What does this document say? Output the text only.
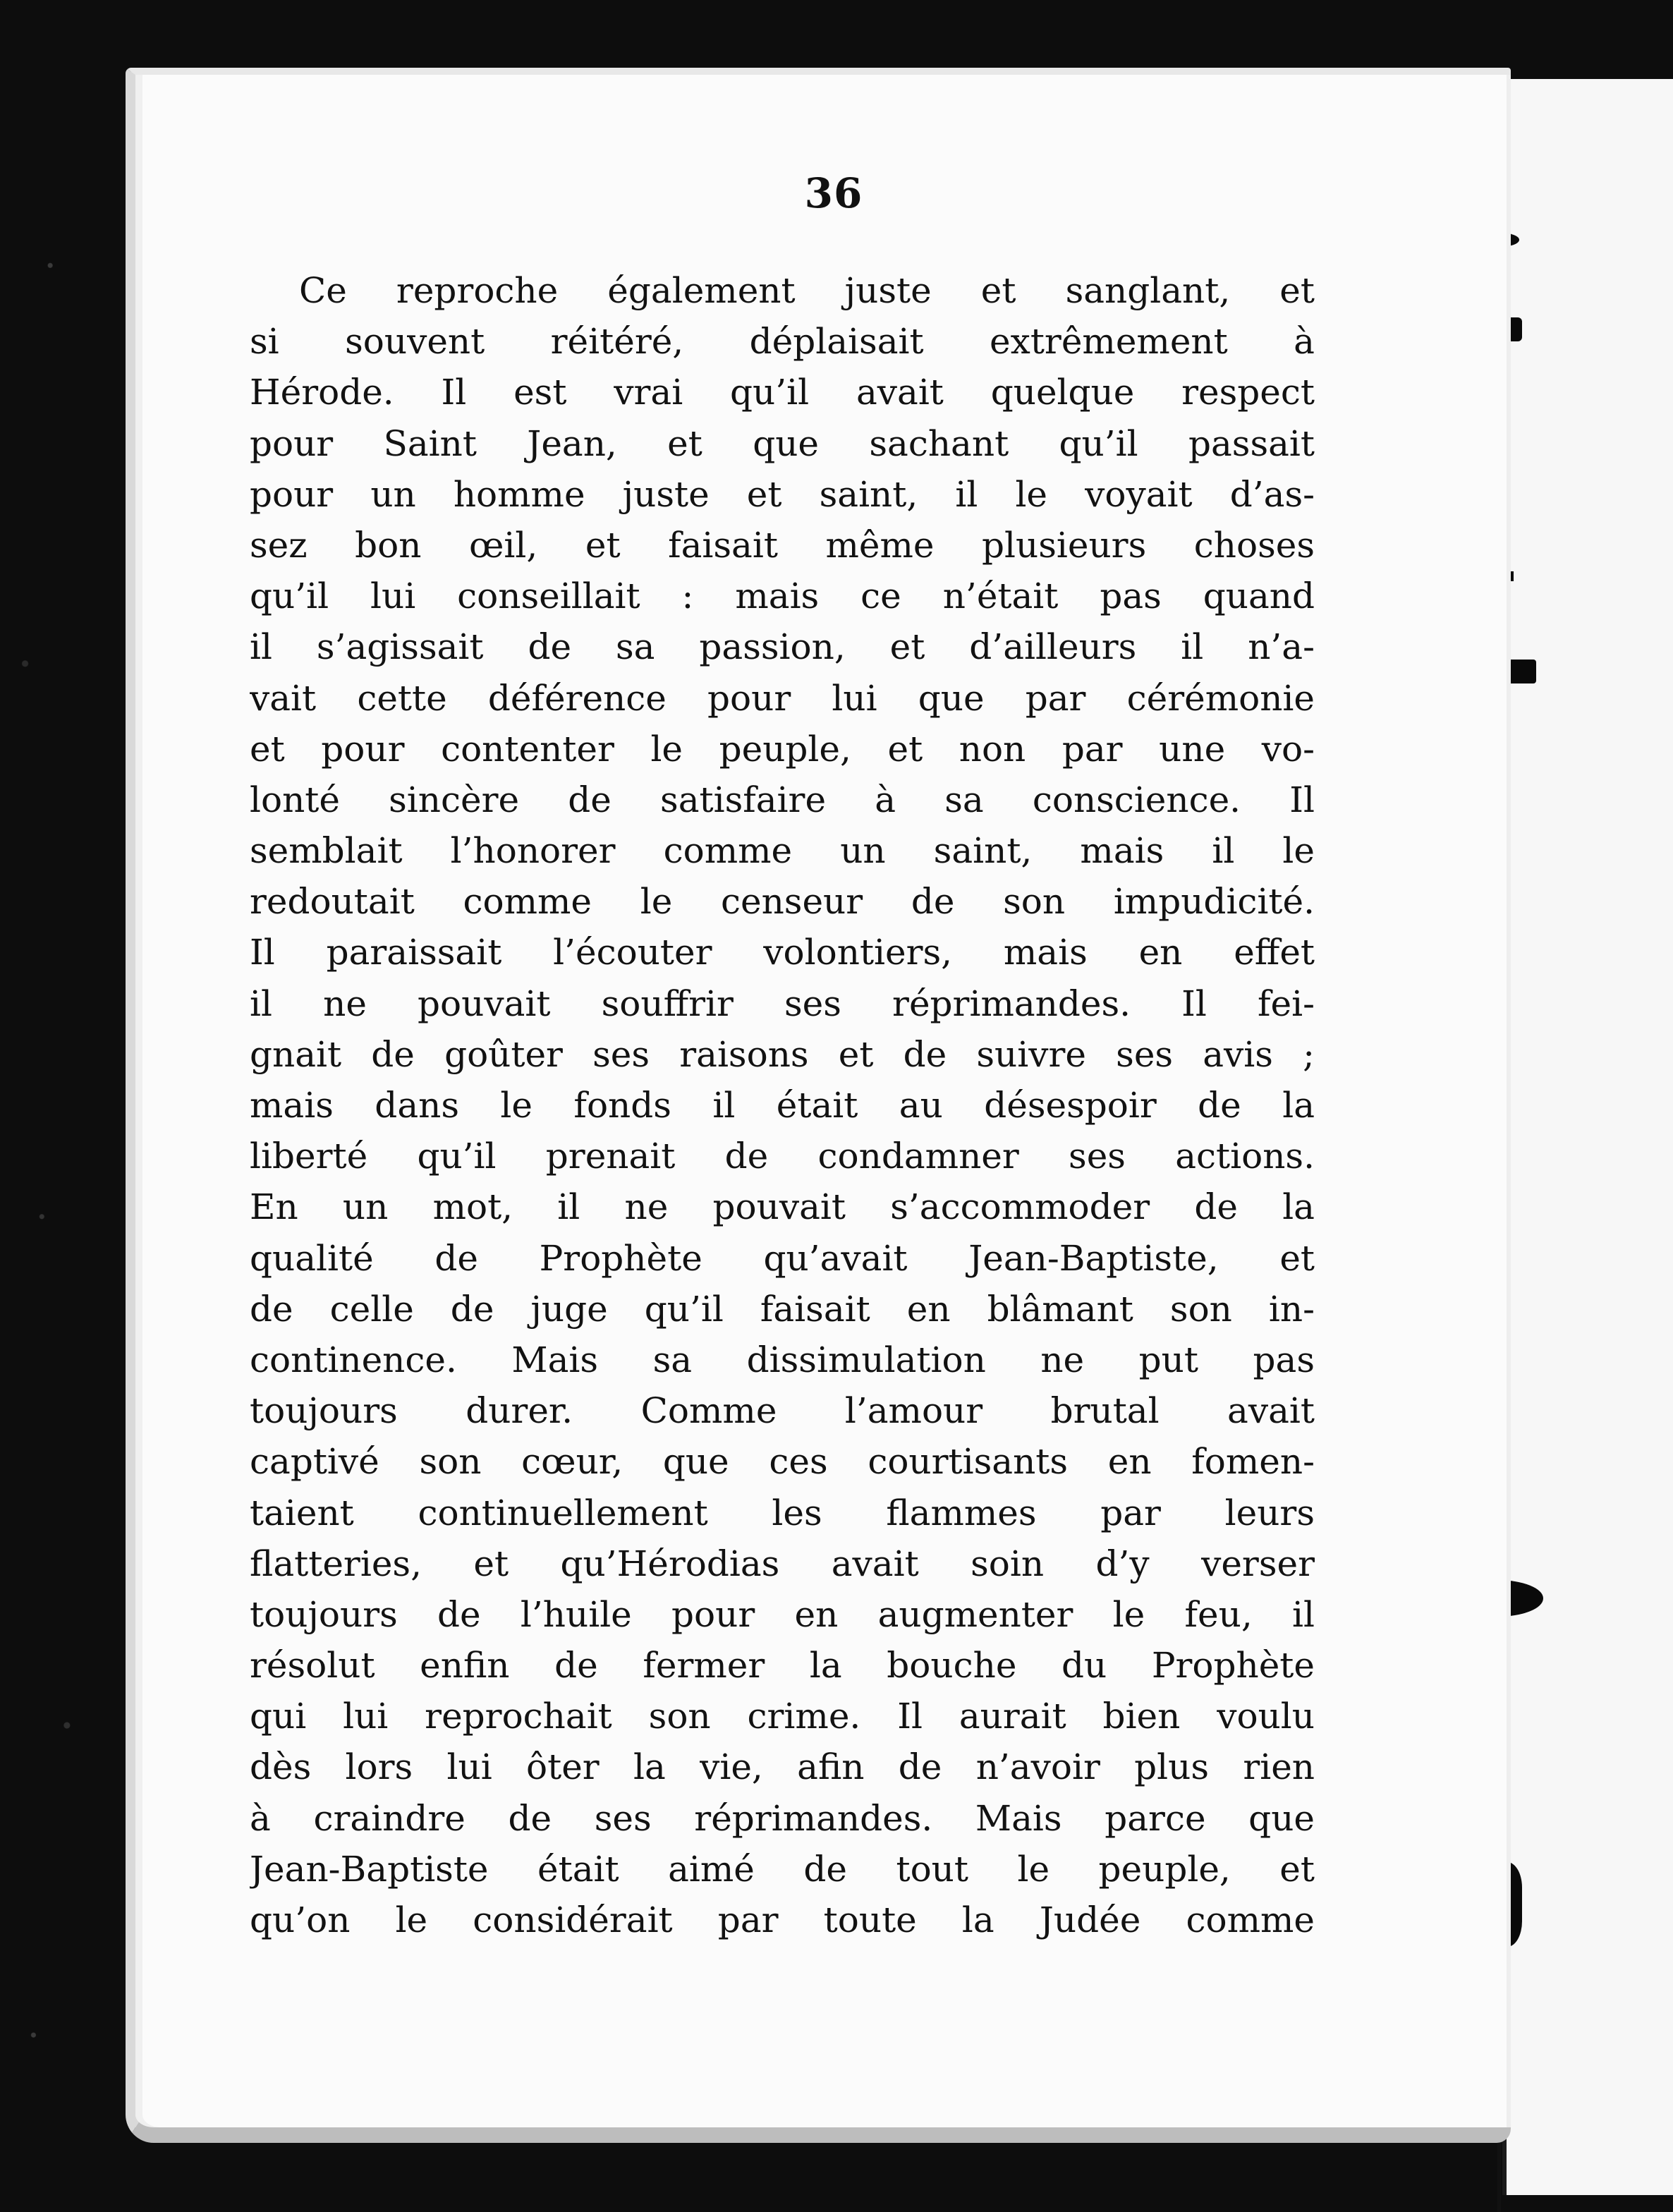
36
Ce reproche également juste et sanglant, et
si souvent réitéré, déplaisait extrêmement à
Hérode. Il est vrai qu’il avait quelque respect
pour Saint Jean, et que sachant qu’il passait
pour un homme juste et saint, il le voyait d’as-
sez bon œil, et faisait même plusieurs choses
qu’il lui conseillait : mais ce n’était pas quand
il s’agissait de sa passion, et d’ailleurs il n’a-
vait cette déférence pour lui que par cérémonie
et pour contenter le peuple, et non par une vo-
lonté sincère de satisfaire à sa conscience. Il
semblait l’honorer comme un saint, mais il le
redoutait comme le censeur de son impudicité.
Il paraissait l’écouter volontiers, mais en effet
il ne pouvait souffrir ses réprimandes. Il fei-
gnait de goûter ses raisons et de suivre ses avis ;
mais dans le fonds il était au désespoir de la
liberté qu’il prenait de condamner ses actions.
En un mot, il ne pouvait s’accommoder de la
qualité de Prophète qu’avait Jean-Baptiste, et
de celle de juge qu’il faisait en blâmant son in-
continence. Mais sa dissimulation ne put pas
toujours durer. Comme l’amour brutal avait
captivé son cœur, que ces courtisants en fomen-
taient continuellement les flammes par leurs
flatteries, et qu’Hérodias avait soin d’y verser
toujours de l’huile pour en augmenter le feu, il
résolut enfin de fermer la bouche du Prophète
qui lui reprochait son crime. Il aurait bien voulu
dès lors lui ôter la vie, afin de n’avoir plus rien
à craindre de ses réprimandes. Mais parce que
Jean-Baptiste était aimé de tout le peuple, et
qu’on le considérait par toute la Judée comme
